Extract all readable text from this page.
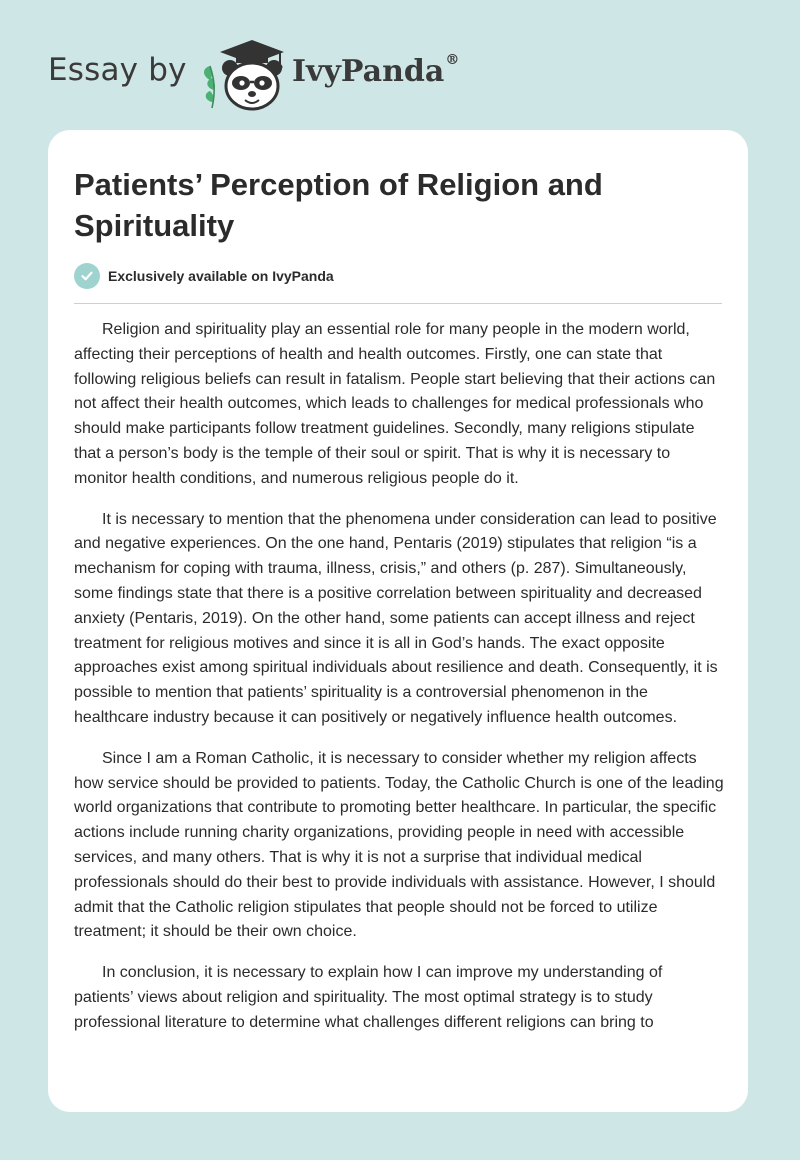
Essay by	IvyPanda®
Patients’ Perception of Religion and Spirituality
Exclusively available on IvyPanda

Religion and spirituality play an essential role for many people in the modern world, affecting their perceptions of health and health outcomes. Firstly, one can state that following religious beliefs can result in fatalism. People start believing that their actions can not affect their health outcomes, which leads to challenges for medical professionals who should make participants follow treatment guidelines. Secondly, many religions stipulate that a person’s body is the temple of their soul or spirit. That is why it is necessary to monitor health conditions, and numerous religious people do it.

It is necessary to mention that the phenomena under consideration can lead to positive and negative experiences. On the one hand, Pentaris (2019) stipulates that religion “is a mechanism for coping with trauma, illness, crisis,” and others (p. 287). Simultaneously, some findings state that there is a positive correlation between spirituality and decreased anxiety (Pentaris, 2019). On the other hand, some patients can accept illness and reject treatment for religious motives and since it is all in God’s hands. The exact opposite approaches exist among spiritual individuals about resilience and death. Consequently, it is possible to mention that patients’ spirituality is a controversial phenomenon in the healthcare industry because it can positively or negatively influence health outcomes.

Since I am a Roman Catholic, it is necessary to consider whether my religion affects how service should be provided to patients. Today, the Catholic Church is one of the leading world organizations that contribute to promoting better healthcare. In particular, the specific actions include running charity organizations, providing people in need with accessible services, and many others. That is why it is not a surprise that individual medical professionals should do their best to provide individuals with assistance. However, I should admit that the Catholic religion stipulates that people should not be forced to utilize treatment; it should be their own choice.

In conclusion, it is necessary to explain how I can improve my understanding of patients’ views about religion and spirituality. The most optimal strategy is to study professional literature to determine what challenges different religions can bring to
